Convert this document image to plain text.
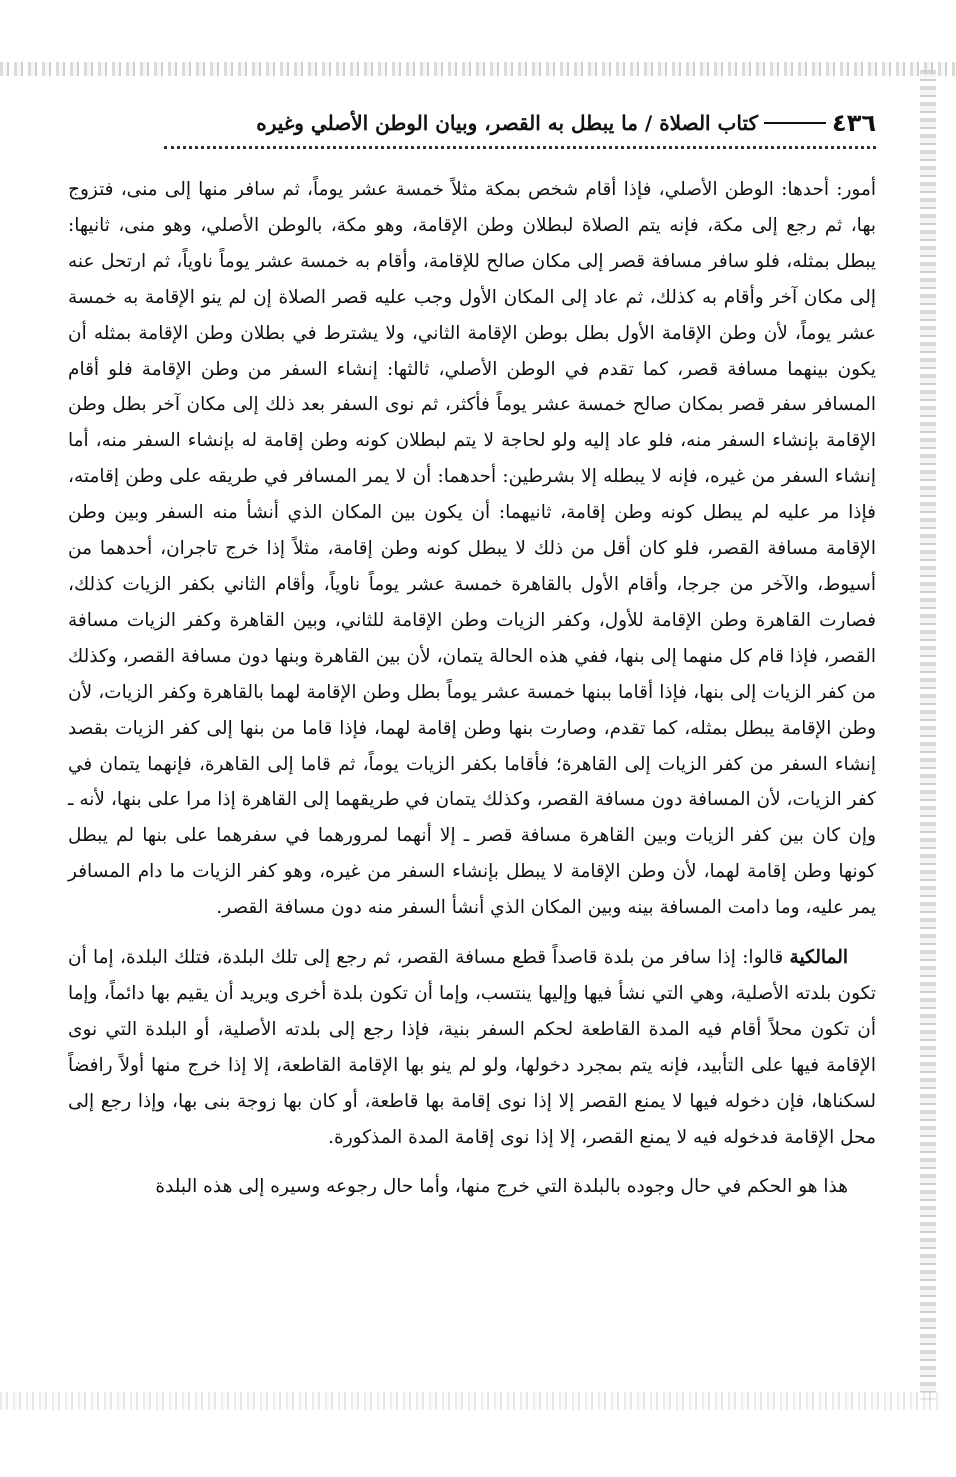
٤٣٦
كتاب الصلاة / ما يبطل به القصر، وبيان الوطن الأصلي وغيره

أمور: أحدها: الوطن الأصلي، فإذا أقام شخص بمكة مثلاً خمسة عشر يوماً، ثم سافر منها إلى منى، فتزوج بها، ثم رجع إلى مكة، فإنه يتم الصلاة لبطلان وطن الإقامة، وهو مكة، بالوطن الأصلي، وهو منى، ثانيها: يبطل بمثله، فلو سافر مسافة قصر إلى مكان صالح للإقامة، وأقام به خمسة عشر يوماً ناوياً، ثم ارتحل عنه إلى مكان آخر وأقام به كذلك، ثم عاد إلى المكان الأول وجب عليه قصر الصلاة إن لم ينو الإقامة به خمسة عشر يوماً، لأن وطن الإقامة الأول بطل بوطن الإقامة الثاني، ولا يشترط في بطلان وطن الإقامة بمثله أن يكون بينهما مسافة قصر، كما تقدم في الوطن الأصلي، ثالثها: إنشاء السفر من وطن الإقامة فلو أقام المسافر سفر قصر بمكان صالح خمسة عشر يوماً فأكثر، ثم نوى السفر بعد ذلك إلى مكان آخر بطل وطن الإقامة بإنشاء السفر منه، فلو عاد إليه ولو لحاجة لا يتم لبطلان كونه وطن إقامة له بإنشاء السفر منه، أما إنشاء السفر من غيره، فإنه لا يبطله إلا بشرطين: أحدهما: أن لا يمر المسافر في طريقه على وطن إقامته، فإذا مر عليه لم يبطل كونه وطن إقامة، ثانيهما: أن يكون بين المكان الذي أنشأ منه السفر وبين وطن الإقامة مسافة القصر، فلو كان أقل من ذلك لا يبطل كونه وطن إقامة، مثلاً إذا خرج تاجران، أحدهما من أسيوط، والآخر من جرجا، وأقام الأول بالقاهرة خمسة عشر يوماً ناوياً، وأقام الثاني بكفر الزيات كذلك، فصارت القاهرة وطن الإقامة للأول، وكفر الزيات وطن الإقامة للثاني، وبين القاهرة وكفر الزيات مسافة القصر، فإذا قام كل منهما إلى بنها، ففي هذه الحالة يتمان، لأن بين القاهرة وبنها دون مسافة القصر، وكذلك من كفر الزيات إلى بنها، فإذا أقاما ببنها خمسة عشر يوماً بطل وطن الإقامة لهما بالقاهرة وكفر الزيات، لأن وطن الإقامة يبطل بمثله، كما تقدم، وصارت بنها وطن إقامة لهما، فإذا قاما من بنها إلى كفر الزيات بقصد إنشاء السفر من كفر الزيات إلى القاهرة؛ فأقاما بكفر الزيات يوماً، ثم قاما إلى القاهرة، فإنهما يتمان في كفر الزيات، لأن المسافة دون مسافة القصر، وكذلك يتمان في طريقهما إلى القاهرة إذا مرا على بنها، لأنه ـ وإن كان بين كفر الزيات وبين القاهرة مسافة قصر ـ إلا أنهما لمرورهما في سفرهما على بنها لم يبطل كونها وطن إقامة لهما، لأن وطن الإقامة لا يبطل بإنشاء السفر من غيره، وهو كفر الزيات ما دام المسافر يمر عليه، وما دامت المسافة بينه وبين المكان الذي أنشأ السفر منه دون مسافة القصر.

المالكية قالوا: إذا سافر من بلدة قاصداً قطع مسافة القصر، ثم رجع إلى تلك البلدة، فتلك البلدة، إما أن تكون بلدته الأصلية، وهي التي نشأ فيها وإليها ينتسب، وإما أن تكون بلدة أخرى ويريد أن يقيم بها دائماً، وإما أن تكون محلاً أقام فيه المدة القاطعة لحكم السفر بنية، فإذا رجع إلى بلدته الأصلية، أو البلدة التي نوى الإقامة فيها على التأبيد، فإنه يتم بمجرد دخولها، ولو لم ينو بها الإقامة القاطعة، إلا إذا خرج منها أولاً رافضاً لسكناها، فإن دخوله فيها لا يمنع القصر إلا إذا نوى إقامة بها قاطعة، أو كان بها زوجة بنى بها، وإذا رجع إلى محل الإقامة فدخوله فيه لا يمنع القصر، إلا إذا نوى إقامة المدة المذكورة.

هذا هو الحكم في حال وجوده بالبلدة التي خرج منها، وأما حال رجوعه وسيره إلى هذه البلدة
